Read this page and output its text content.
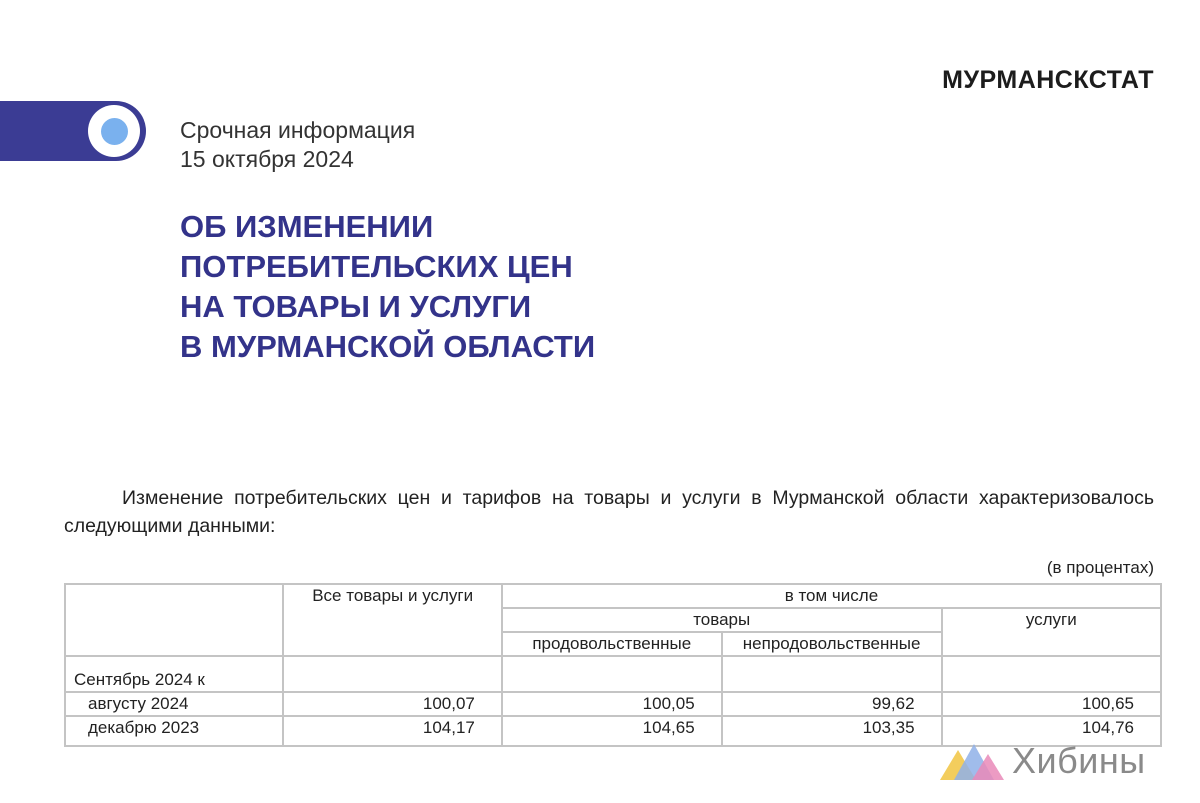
МУРМАНСКСТАТ
Срочная информация
15 октября 2024
ОБ ИЗМЕНЕНИИ
ПОТРЕБИТЕЛЬСКИХ ЦЕН
НА ТОВАРЫ И УСЛУГИ
В МУРМАНСКОЙ ОБЛАСТИ

Изменение потребительских цен и тарифов на товары и услуги в Мурманской области характеризовалось следующими данными:

(в процентах)
	Все товары и услуги	в том числе		
		товары		услуги
		продовольственные	непродовольственные	
Сентябрь 2024 к				
августу 2024	100,07	100,05	99,62	100,65
декабрю 2023	104,17	104,65	103,35	104,76
Хибины
